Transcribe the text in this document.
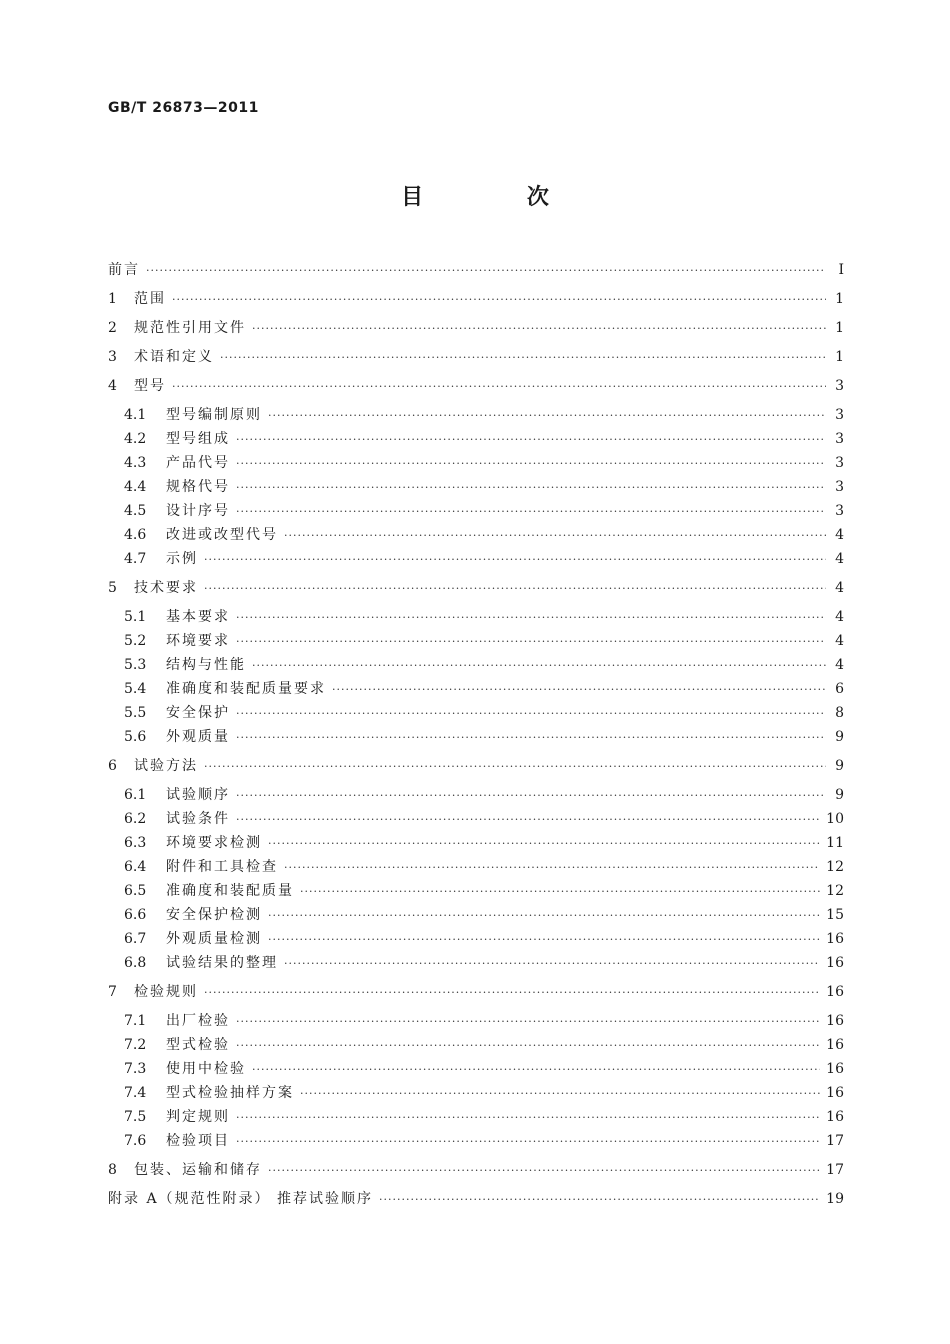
GB/T 26873—2011
目 次
前言 ·····	Ⅰ
1	范围 ·····	1
2	规范性引用文件 ·····	1
3	术语和定义 ·····	1
4	型号 ·····	3
4.1	型号编制原则 ·····	3
4.2	型号组成 ·····	3
4.3	产品代号 ·····	3
4.4	规格代号 ·····	3
4.5	设计序号 ·····	3
4.6	改进或改型代号 ·····	4
4.7	示例 ·····	4
5	技术要求 ·····	4
5.1	基本要求 ·····	4
5.2	环境要求 ·····	4
5.3	结构与性能 ·····	4
5.4	准确度和装配质量要求 ·····	6
5.5	安全保护 ·····	8
5.6	外观质量 ·····	9
6	试验方法 ·····	9
6.1	试验顺序 ·····	9
6.2	试验条件 ·····	10
6.3	环境要求检测 ·····	11
6.4	附件和工具检查 ·····	12
6.5	准确度和装配质量 ·····	12
6.6	安全保护检测 ·····	15
6.7	外观质量检测 ·····	16
6.8	试验结果的整理 ·····	16
7	检验规则 ·····	16
7.1	出厂检验 ·····	16
7.2	型式检验 ·····	16
7.3	使用中检验 ·····	16
7.4	型式检验抽样方案 ·····	16
7.5	判定规则 ·····	16
7.6	检验项目 ·····	17
8	包装、运输和储存 ·····	17
附录 A（规范性附录） 推荐试验顺序 ·····	19
